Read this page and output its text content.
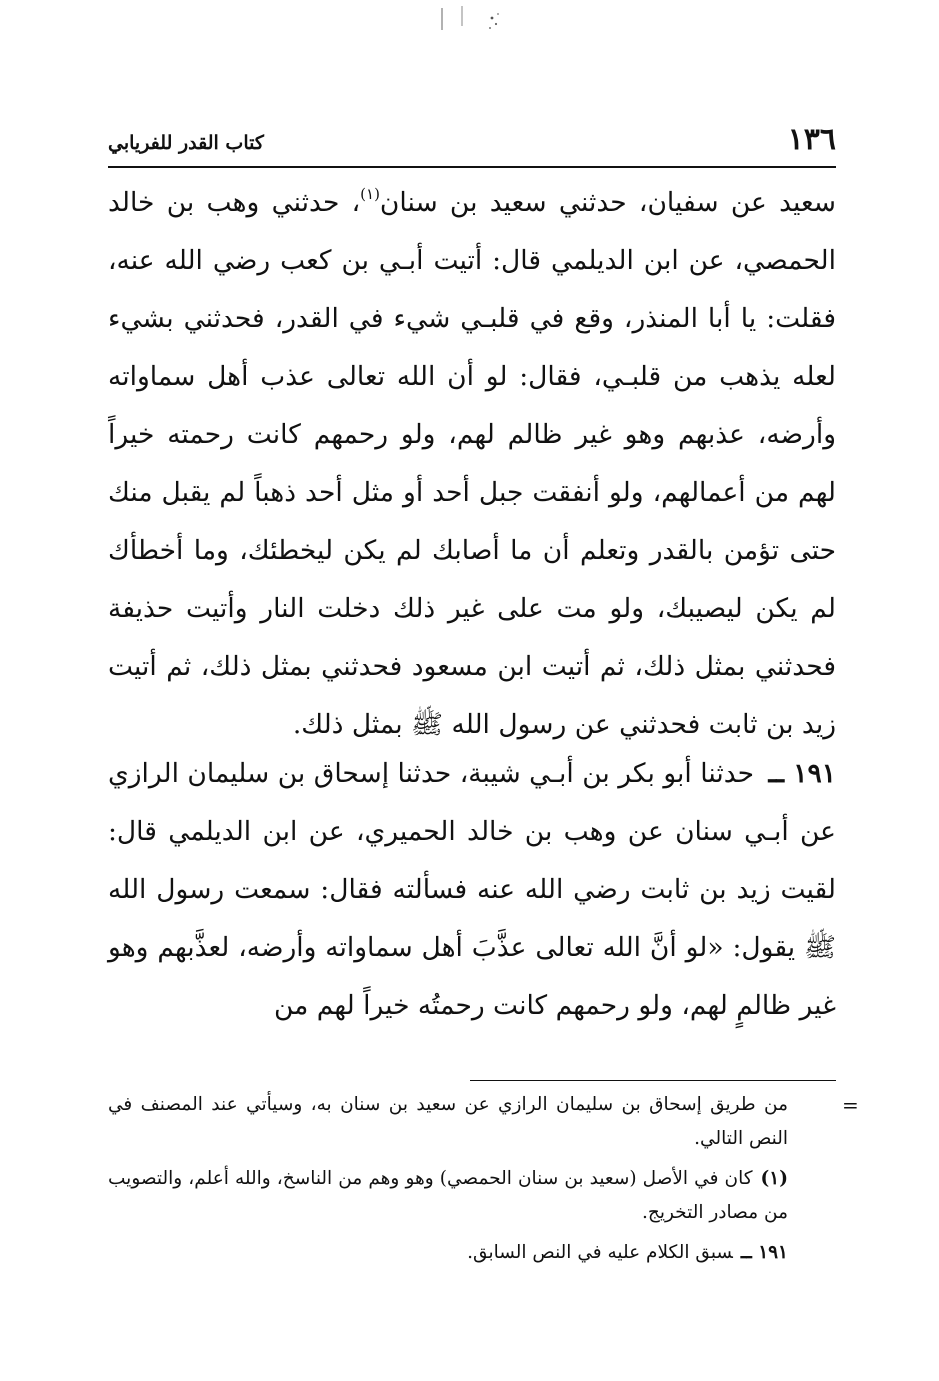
١٣٦
كتاب القدر للفريابي

سعيد عن سفيان، حدثني سعيد بن سنان$^{(١)}$، حدثني وهب بن خالد الحمصي، عن ابن الديلمي قال: أتيت أبـي بن كعب رضي الله عنه، فقلت: يا أبا المنذر، وقع في قلبـي شيء في القدر، فحدثني بشيء لعله يذهب من قلبـي، فقال: لو أن الله تعالى عذب أهل سماواته وأرضه، عذبهم وهو غير ظالم لهم، ولو رحمهم كانت رحمته خيراً لهم من أعمالهم، ولو أنفقت جبل أحد أو مثل أحد ذهباً لم يقبل منك حتى تؤمن بالقدر وتعلم أن ما أصابك لم يكن ليخطئك، وما أخطأك لم يكن ليصيبك، ولو مت على غير ذلك دخلت النار وأتيت حذيفة فحدثني بمثل ذلك، ثم أتيت ابن مسعود فحدثني بمثل ذلك، ثم أتيت زيد بن ثابت فحدثني عن رسول الله ﷺ بمثل ذلك.

١٩١ ــ حدثنا أبو بكر بن أبـي شيبة، حدثنا إسحاق بن سليمان الرازي عن أبـي سنان عن وهب بن خالد الحميري، عن ابن الديلمي قال: لقيت زيد بن ثابت رضي الله عنه فسألته فقال: سمعت رسول الله ﷺ يقول: «لو أنَّ الله تعالى عذَّبَ أهل سماواته وأرضه، لعذَّبهم وهو غير ظالمٍ لهم، ولو رحمهم كانت رحمتُه خيراً لهم من

=

من طريق إسحاق بن سليمان الرازي عن سعيد بن سنان به، وسيأتي عند المصنف في النص التالي.

(١)كان في الأصل (سعيد بن سنان الحمصي) وهو وهم من الناسخ، والله أعلم، والتصويب من مصادر التخريج.

١٩١ ــسبق الكلام عليه في النص السابق.
